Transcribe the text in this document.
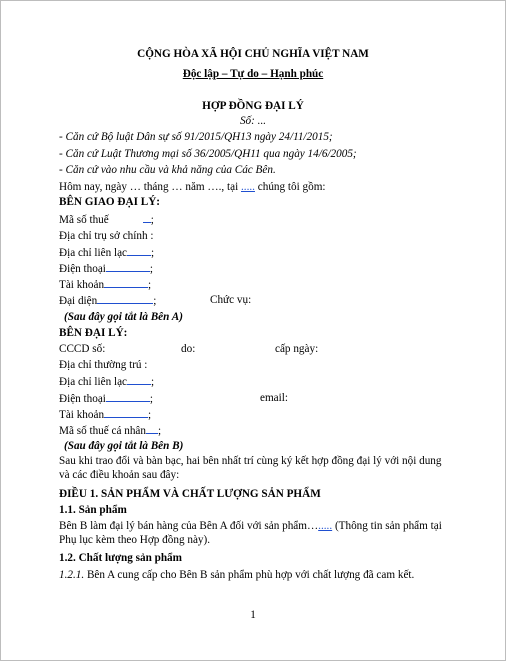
CỘNG HÒA XÃ HỘI CHỦ NGHĨA VIỆT NAM
Độc lập – Tự do – Hạnh phúc
HỢP ĐỒNG ĐẠI LÝ
Số: ...
- Căn cứ Bộ luật Dân sự số 91/2015/QH13 ngày 24/11/2015;
- Căn cứ Luật Thương mại số 36/2005/QH11 qua ngày 14/6/2005;
- Căn cứ vào nhu cầu và khả năng của Các Bên.
Hôm nay, ngày … tháng … năm …., tại ..... chúng tôi gồm:
BÊN GIAO ĐẠI LÝ:
Mã số thuế	;
Địa chỉ trụ sở chính :
Địa chỉ liên lạc ;
Điện thoại	;
Tài khoản	;
Đại diện	;	Chức vụ:
(Sau đây gọi tắt là Bên A)
BÊN ĐẠI LÝ:
CCCD số:	do:	cấp ngày:
Địa chỉ thường trú :
Địa chỉ liên lạc ;
Điện thoại	;	email:
Tài khoản	;
Mã số thuế cá nhân ;
(Sau đây gọi tắt là Bên B)
Sau khi trao đổi và bàn bạc, hai bên nhất trí cùng ký kết hợp đồng đại lý với nội dung và các điều khoản sau đây:
ĐIỀU 1. SẢN PHẨM VÀ CHẤT LƯỢNG SẢN PHẨM
1.1. Sản phẩm
Bên B làm đại lý bán hàng của Bên A đối với sản phẩm…..... (Thông tin sản phẩm tại Phụ lục kèm theo Hợp đồng này).
1.2. Chất lượng sản phẩm
1.2.1. Bên A cung cấp cho Bên B sản phẩm phù hợp với chất lượng đã cam kết.
1
